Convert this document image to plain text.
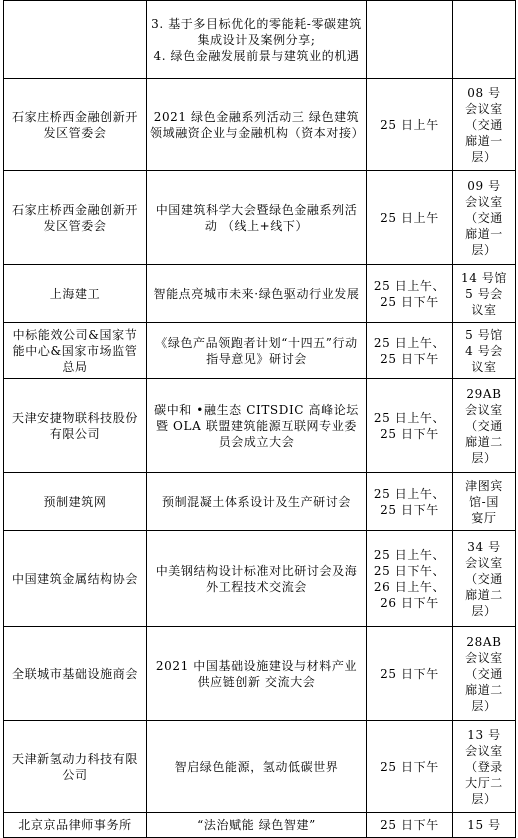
	3. 基于多目标优化的零能耗-零碳建筑集成设计及案例分享;
4. 绿色金融发展前景与建筑业的机遇		

石家庄桥西金融创新开发区管委会	2021 绿色金融系列活动三 绿色建筑领域融资企业与金融机构（资本对接）	25 日上午	08 号
会议室
（交通
廊道一
层）

石家庄桥西金融创新开发区管委会	中国建筑科学大会暨绿色金融系列活动 （线上+线下）	25 日上午	09 号
会议室
（交通
廊道一
层）

上海建工	智能点亮城市未来·绿色驱动行业发展	25 日上午、
25 日下午	14 号馆
5 号会
议室

中标能效公司&国家节能中心&国家市场监管总局	《绿色产品领跑者计划“十四五”行动 指导意见》研讨会	25 日上午、
25 日下午	5 号馆
4 号会
议室

天津安捷物联科技股份有限公司	碳中和 •融生态 CITSDIC 高峰论坛 暨 OLA 联盟建筑能源互联网专业委员会成立大会	25 日上午、
25 日下午	29AB
会议室
（交通
廊道二
层）

预制建筑网	预制混凝土体系设计及生产研讨会	25 日上午、
25 日下午	津图宾
馆-国
宴厅

中国建筑金属结构协会	中美钢结构设计标准对比研讨会及海外工程技术交流会	25 日上午、
25 日下午、
26 日上午、
26 日下午	34 号
会议室
（交通
廊道二
层）

全联城市基础设施商会	2021 中国基础设施建设与材料产业供应链创新 交流大会	25 日下午	28AB
会议室
（交通
廊道二
层）

天津新氢动力科技有限公司	智启绿色能源，氢动低碳世界	25 日下午	13 号
会议室
（登录
大厅二
层）

北京京品律师事务所	“法治赋能 绿色智建”	25 日下午	15 号
